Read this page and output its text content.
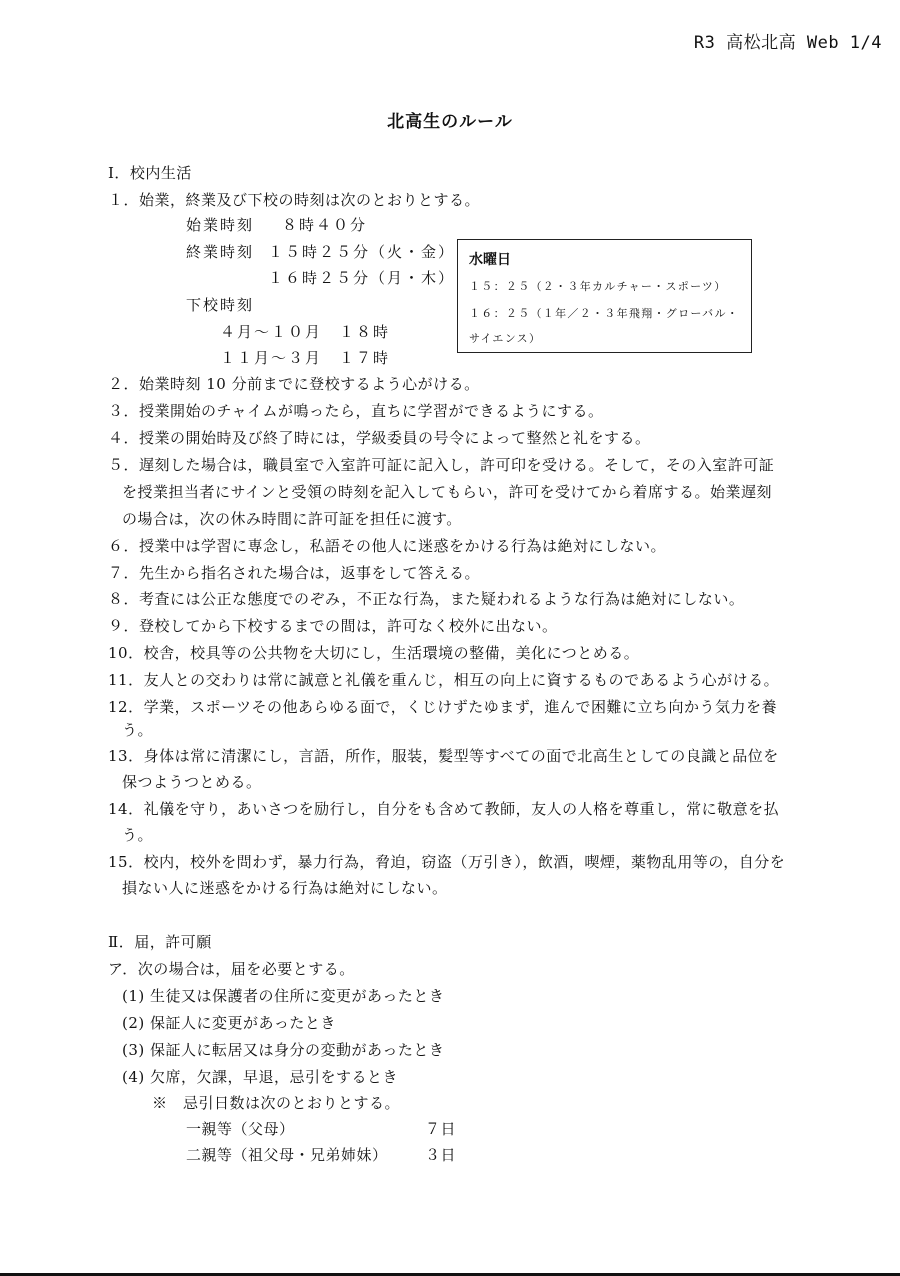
R3 高松北高 Web 1/4
北高生のルール
Ⅰ．校内生活
１．始業，終業及び下校の時刻は次のとおりとする。
始業時刻 ８時４０分
終業時刻 １５時２５分（火・金）
１６時２５分（月・木）
下校時刻
４月～１０月　１８時
１１月～３月　１７時
水曜日
１５：２５（２・３年カルチャー・スポーツ）
１６：２５（１年／２・３年飛翔・グローバル・
サイエンス）
２．始業時刻 10 分前までに登校するよう心がける。
３．授業開始のチャイムが鳴ったら，直ちに学習ができるようにする。
４．授業の開始時及び終了時には，学級委員の号令によって整然と礼をする。
５．遅刻した場合は，職員室で入室許可証に記入し，許可印を受ける。そして，その入室許可証
を授業担当者にサインと受領の時刻を記入してもらい，許可を受けてから着席する。始業遅刻
の場合は，次の休み時間に許可証を担任に渡す。
６．授業中は学習に専念し，私語その他人に迷惑をかける行為は絶対にしない。
７．先生から指名された場合は，返事をして答える。
８．考査には公正な態度でのぞみ，不正な行為，また疑われるような行為は絶対にしない。
９．登校してから下校するまでの間は，許可なく校外に出ない。
10．校舎，校具等の公共物を大切にし，生活環境の整備，美化につとめる。
11．友人との交わりは常に誠意と礼儀を重んじ，相互の向上に資するものであるよう心がける。
12．学業，スポーツその他あらゆる面で，くじけずたゆまず，進んで困難に立ち向かう気力を養
う。
13．身体は常に清潔にし，言語，所作，服装，髪型等すべての面で北高生としての良識と品位を
保つようつとめる。
14．礼儀を守り，あいさつを励行し，自分をも含めて教師，友人の人格を尊重し，常に敬意を払
う。
15．校内，校外を問わず，暴力行為，脅迫，窃盗（万引き），飲酒，喫煙，薬物乱用等の，自分を
損ない人に迷惑をかける行為は絶対にしない。
Ⅱ．届，許可願
ア．次の場合は，届を必要とする。
(1) 生徒又は保護者の住所に変更があったとき
(2) 保証人に変更があったとき
(3) 保証人に転居又は身分の変動があったとき
(4) 欠席，欠課，早退，忌引をするとき
※　忌引日数は次のとおりとする。
一親等（父母）	７日
二親等（祖父母・兄弟姉妹） ３日
